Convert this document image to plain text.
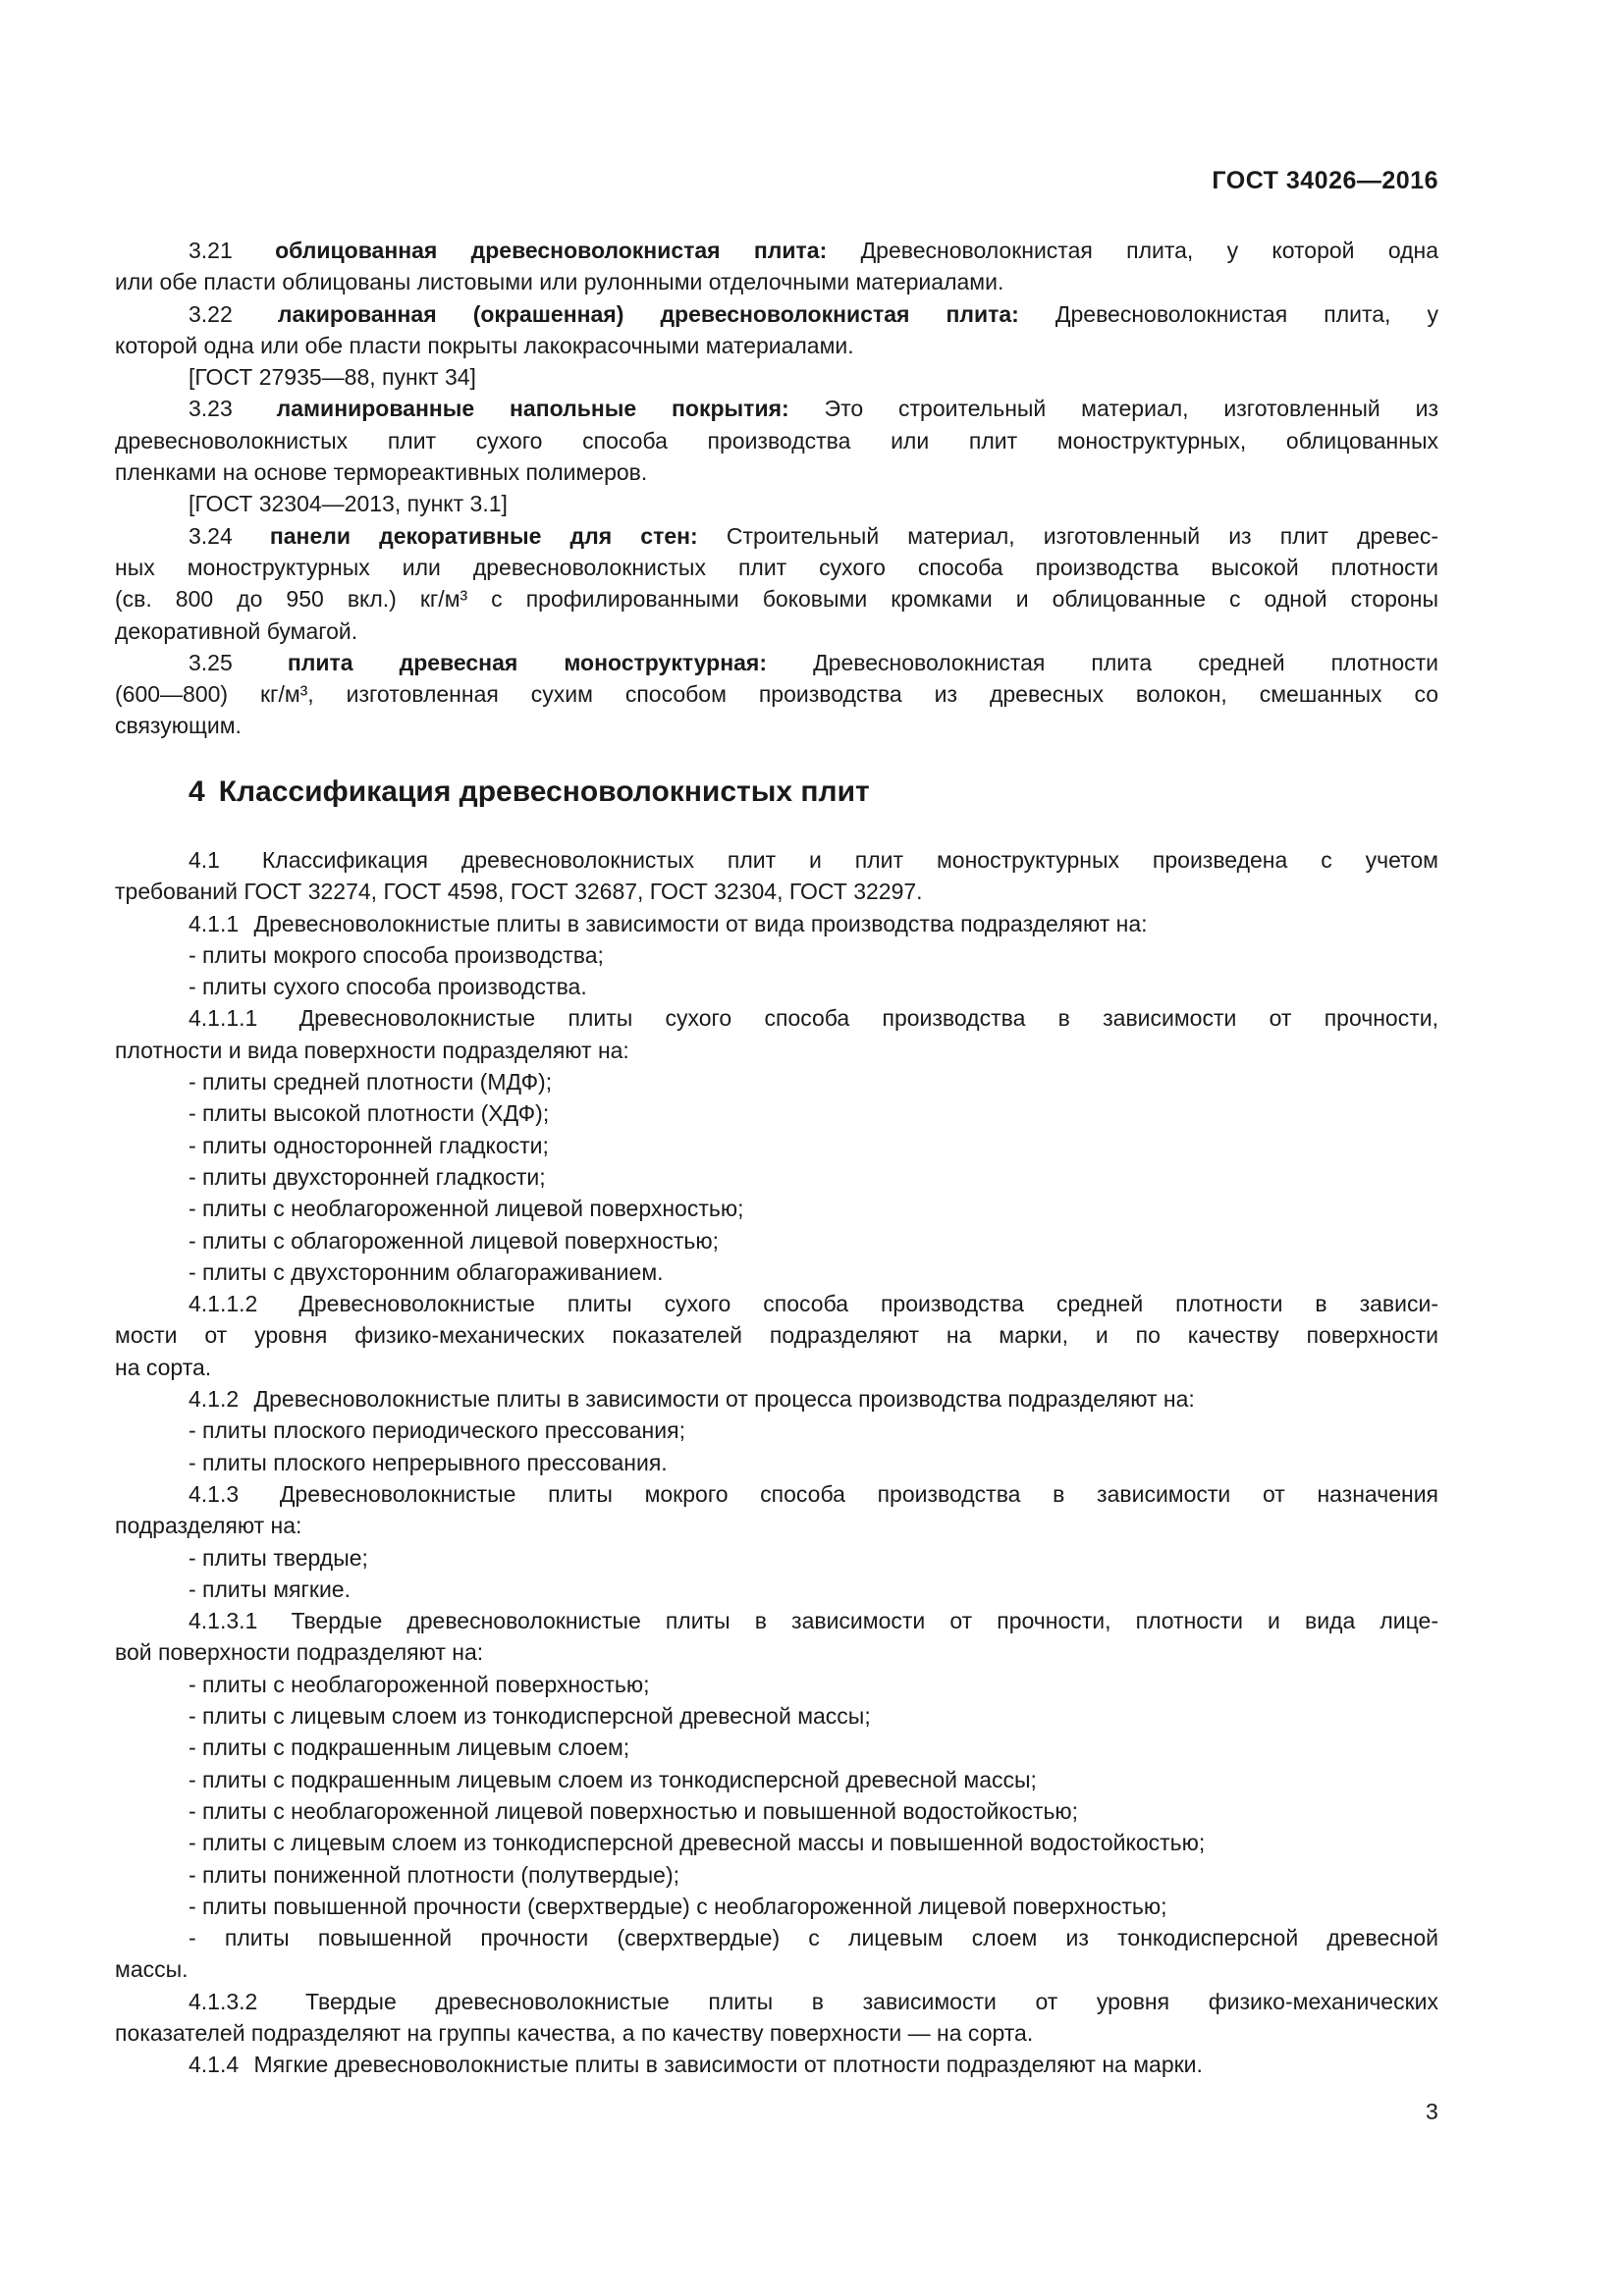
ГОСТ 34026—2016
3.21 облицованная древесноволокнистая плита: Древесноволокнистая плита, у которой одна
или обе пласти облицованы листовыми или рулонными отделочными материалами.
3.22 лакированная (окрашенная) древесноволокнистая плита: Древесноволокнистая плита, у
которой одна или обе пласти покрыты лакокрасочными материалами.
[ГОСТ 27935—88, пункт 34]
3.23 ламинированные напольные покрытия: Это строительный материал, изготовленный из
древесноволокнистых плит сухого способа производства или плит моноструктурных, облицованных
пленками на основе термореактивных полимеров.
[ГОСТ 32304—2013, пункт 3.1]
3.24 панели декоративные для стен: Строительный материал, изготовленный из плит древес-
ных моноструктурных или древесноволокнистых плит сухого способа производства высокой плотности
(св. 800 до 950 вкл.) кг/м³ с профилированными боковыми кромками и облицованные с одной стороны
декоративной бумагой.
3.25 плита древесная моноструктурная: Древесноволокнистая плита средней плотности
(600—800) кг/м³, изготовленная сухим способом производства из древесных волокон, смешанных со
связующим.
4 Классификация древесноволокнистых плит
4.1 Классификация древесноволокнистых плит и плит моноструктурных произведена с учетом
требований ГОСТ 32274, ГОСТ 4598, ГОСТ 32687, ГОСТ 32304, ГОСТ 32297.
4.1.1 Древесноволокнистые плиты в зависимости от вида производства подразделяют на:
- плиты мокрого способа производства;
- плиты сухого способа производства.
4.1.1.1 Древесноволокнистые плиты сухого способа производства в зависимости от прочности,
плотности и вида поверхности подразделяют на:
- плиты средней плотности (МДФ);
- плиты высокой плотности (ХДФ);
- плиты односторонней гладкости;
- плиты двухсторонней гладкости;
- плиты с необлагороженной лицевой поверхностью;
- плиты с облагороженной лицевой поверхностью;
- плиты с двухсторонним облагораживанием.
4.1.1.2 Древесноволокнистые плиты сухого способа производства средней плотности в зависи-
мости от уровня физико-механических показателей подразделяют на марки, и по качеству поверхности
на сорта.
4.1.2 Древесноволокнистые плиты в зависимости от процесса производства подразделяют на:
- плиты плоского периодического прессования;
- плиты плоского непрерывного прессования.
4.1.3 Древесноволокнистые плиты мокрого способа производства в зависимости от назначения
подразделяют на:
- плиты твердые;
- плиты мягкие.
4.1.3.1 Твердые древесноволокнистые плиты в зависимости от прочности, плотности и вида лице-
вой поверхности подразделяют на:
- плиты с необлагороженной поверхностью;
- плиты с лицевым слоем из тонкодисперсной древесной массы;
- плиты с подкрашенным лицевым слоем;
- плиты с подкрашенным лицевым слоем из тонкодисперсной древесной массы;
- плиты с необлагороженной лицевой поверхностью и повышенной водостойкостью;
- плиты с лицевым слоем из тонкодисперсной древесной массы и повышенной водостойкостью;
- плиты пониженной плотности (полутвердые);
- плиты повышенной прочности (сверхтвердые) с необлагороженной лицевой поверхностью;
- плиты повышенной прочности (сверхтвердые) с лицевым слоем из тонкодисперсной древесной
массы.
4.1.3.2 Твердые древесноволокнистые плиты в зависимости от уровня физико-механических
показателей подразделяют на группы качества, а по качеству поверхности — на сорта.
4.1.4 Мягкие древесноволокнистые плиты в зависимости от плотности подразделяют на марки.
3
